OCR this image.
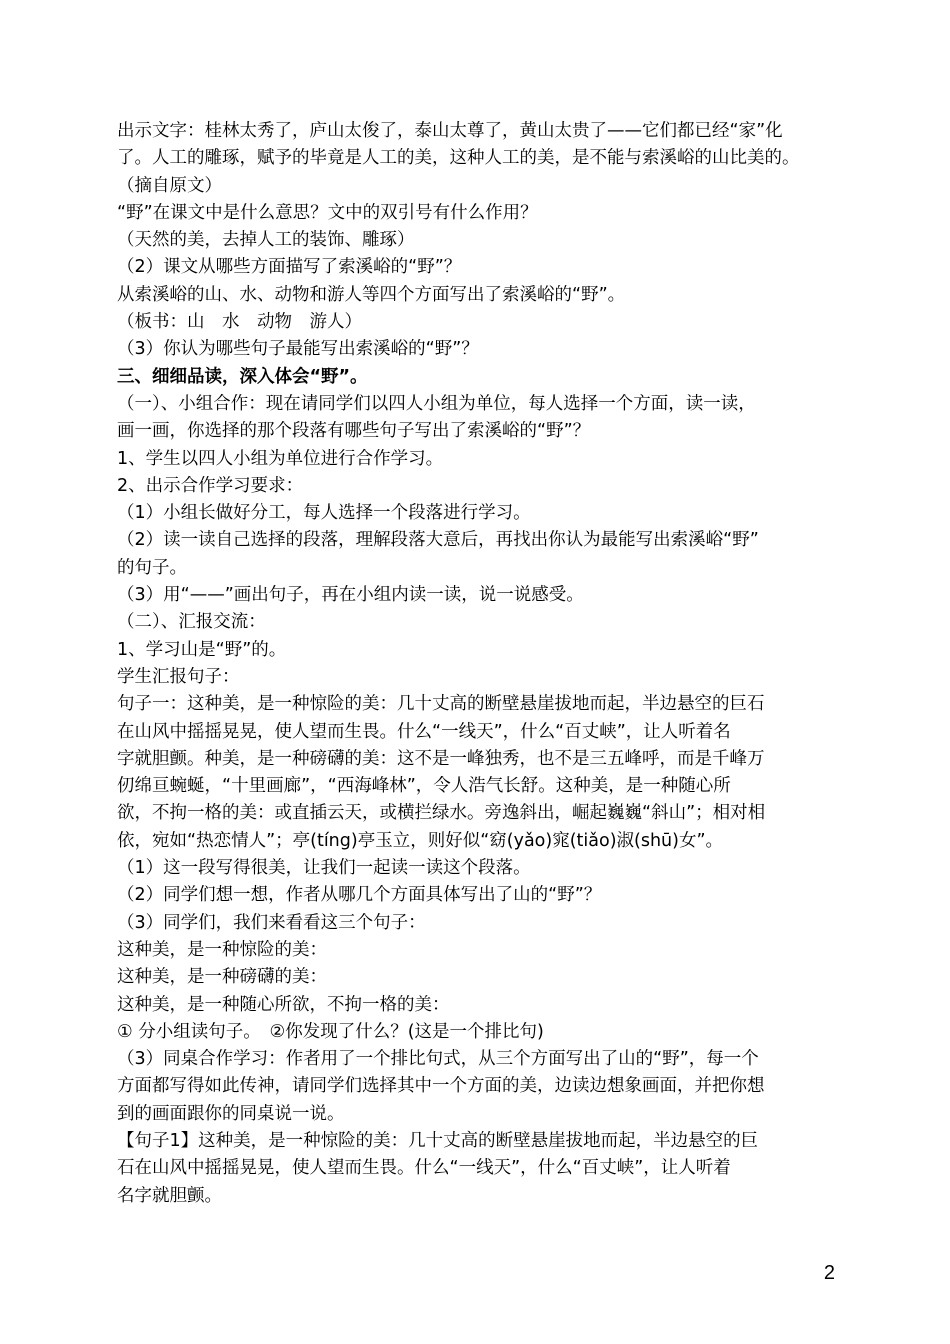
出示文字：桂林太秀了，庐山太俊了，泰山太尊了，黄山太贵了——它们都已经“家”化
了。人工的雕琢，赋予的毕竟是人工的美，这种人工的美，是不能与索溪峪的山比美的。
（摘自原文）
“野”在课文中是什么意思？文中的双引号有什么作用？
（天然的美，去掉人工的装饰、雕琢）
（2）课文从哪些方面描写了索溪峪的“野”？
从索溪峪的山、水、动物和游人等四个方面写出了索溪峪的“野”。
（板书：山　水　动物　游人）
（3）你认为哪些句子最能写出索溪峪的“野”？
三、细细品读，深入体会“野”。
（一）、小组合作：现在请同学们以四人小组为单位，每人选择一个方面，读一读，
画一画，你选择的那个段落有哪些句子写出了索溪峪的“野”？
1、学生以四人小组为单位进行合作学习。
2、出示合作学习要求：
（1）小组长做好分工，每人选择一个段落进行学习。
（2）读一读自己选择的段落，理解段落大意后，再找出你认为最能写出索溪峪“野”
的句子。
（3）用“——”画出句子，再在小组内读一读，说一说感受。
（二）、汇报交流：
1、学习山是“野”的。
学生汇报句子：
句子一：这种美，是一种惊险的美：几十丈高的断壁悬崖拔地而起，半边悬空的巨石
在山风中摇摇晃晃，使人望而生畏。什么“一线天”，什么“百丈峡”，让人听着名
字就胆颤。种美，是一种磅礴的美：这不是一峰独秀，也不是三五峰呼，而是千峰万
仞绵亘蜿蜒，“十里画廊”，“西海峰林”，令人浩气长舒。这种美，是一种随心所
欲，不拘一格的美：或直插云天，或横拦绿水。旁逸斜出，崛起巍巍“斜山”；相对相
依，宛如“热恋情人”；亭(tíng)亭玉立，则好似“窈(yǎo)窕(tiǎo)淑(shū)女”。
（1）这一段写得很美，让我们一起读一读这个段落。
（2）同学们想一想，作者从哪几个方面具体写出了山的“野”？
（3）同学们，我们来看看这三个句子：
这种美，是一种惊险的美：
这种美，是一种磅礴的美：
这种美，是一种随心所欲，不拘一格的美：
① 分小组读句子。　②你发现了什么？(这是一个排比句)
（3）同桌合作学习：作者用了一个排比句式，从三个方面写出了山的“野”，每一个
方面都写得如此传神，请同学们选择其中一个方面的美，边读边想象画面，并把你想
到的画面跟你的同桌说一说。
【句子1】这种美，是一种惊险的美：几十丈高的断壁悬崖拔地而起，半边悬空的巨
石在山风中摇摇晃晃，使人望而生畏。什么“一线天”，什么“百丈峡”，让人听着
名字就胆颤。
2
